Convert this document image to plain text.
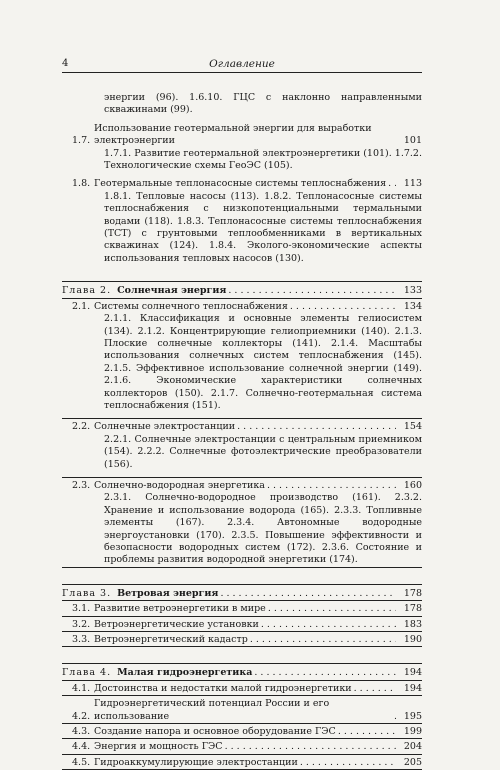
4	Оглавление
энергии (96). 1.6.10. ГЦС с наклонно направленными скважинами (99).
1.7.
Использование геотермальной энергии для выработки электроэнергии	101
1.7.1. Развитие геотермальной электроэнергетики (101). 1.7.2. Технологические схемы ГеоЭС (105).
1.8. Геотермальные теплонасосные системы теплоснабжения . . .	113
1.8.1. Тепловые насосы (113). 1.8.2. Теплонасосные системы теплоснабжения с низкопотенциальными термальными водами (118). 1.8.3. Теплонасосные системы теплоснабжения (ТСТ) с грунтовыми теплообменниками в вертикальных скважинах (124). 1.8.4. Эколого-экономические аспекты использования тепловых насосов (130).
Глава 2. Солнечная энергия . . .	133
2.1. Системы солнечного теплоснабжения . . .	134
2.1.1. Классификация и основные элементы гелиосистем (134). 2.1.2. Концентрирующие гелиоприемники (140). 2.1.3. Плоские солнечные коллекторы (141). 2.1.4. Масштабы использования солнечных систем теплоснабжения (145). 2.1.5. Эффективное использование солнечной энергии (149). 2.1.6. Экономические характеристики солнечных коллекторов (150). 2.1.7. Солнечно-геотермальная система теплоснабжения (151).
2.2. Солнечные электростанции . . .	154
2.2.1. Солнечные электростанции с центральным приемником (154). 2.2.2. Солнечные фотоэлектрические преобразователи (156).
2.3. Солнечно-водородная энергетика . . .	160
2.3.1. Солнечно-водородное производство (161). 2.3.2. Хранение и использование водорода (165). 2.3.3. Топливные элементы (167). 2.3.4. Автономные водородные энергоустановки (170). 2.3.5. Повышение эффективности и безопасности водородных систем (172). 2.3.6. Состояние и проблемы развития водородной энергетики (174).
Глава 3. Ветровая энергия . . .	178
3.1. Развитие ветроэнергетики в мире . . .	178
3.2. Ветроэнергетические установки . . .	183
3.3. Ветроэнергетический кадастр . . .	190
Глава 4. Малая гидроэнергетика . . .	194
4.1. Достоинства и недостатки малой гидроэнергетики . . .	194
4.2.
Гидроэнергетический потенциал России и его использование . . .	195
4.3. Создание напора и основное оборудование ГЭС . . .	199
4.4. Энергия и мощность ГЭС . . .	204
4.5. Гидроаккумулирующие электростанции . . .	205
